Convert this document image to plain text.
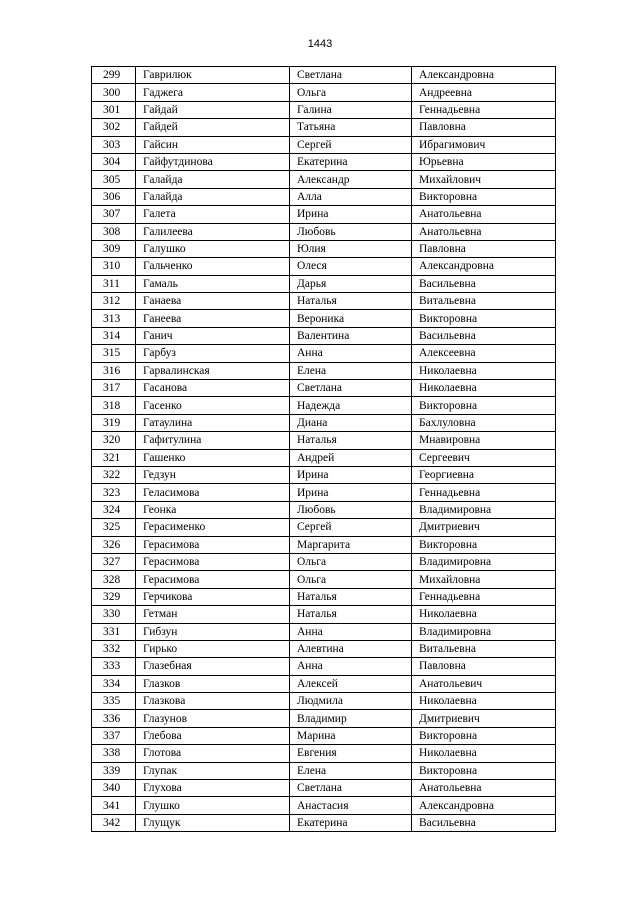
1443
299	Гаврилюк	Светлана	Александровна
300	Гаджега	Ольга	Андреевна
301	Гайдай	Галина	Геннадьевна
302	Гайдей	Татьяна	Павловна
303	Гайсин	Сергей	Ибрагимович
304	Гайфутдинова	Екатерина	Юрьевна
305	Галайда	Александр	Михайлович
306	Галайда	Алла	Викторовна
307	Галета	Ирина	Анатольевна
308	Галилеева	Любовь	Анатольевна
309	Галушко	Юлия	Павловна
310	Гальченко	Олеся	Александровна
311	Гамаль	Дарья	Васильевна
312	Ганаева	Наталья	Витальевна
313	Ганеева	Вероника	Викторовна
314	Ганич	Валентина	Васильевна
315	Гарбуз	Анна	Алексеевна
316	Гарвалинская	Елена	Николаевна
317	Гасанова	Светлана	Николаевна
318	Гасенко	Надежда	Викторовна
319	Гатаулина	Диана	Бахлуловна
320	Гафитулина	Наталья	Мнавировна
321	Гашенко	Андрей	Сергеевич
322	Гедзун	Ирина	Георгиевна
323	Геласимова	Ирина	Геннадьевна
324	Геонка	Любовь	Владимировна
325	Герасименко	Сергей	Дмитриевич
326	Герасимова	Маргарита	Викторовна
327	Герасимова	Ольга	Владимировна
328	Герасимова	Ольга	Михайловна
329	Герчикова	Наталья	Геннадьевна
330	Гетман	Наталья	Николаевна
331	Гибзун	Анна	Владимировна
332	Гирько	Алевтина	Витальевна
333	Глазебная	Анна	Павловна
334	Глазков	Алексей	Анатольевич
335	Глазкова	Людмила	Николаевна
336	Глазунов	Владимир	Дмитриевич
337	Глебова	Марина	Викторовна
338	Глотова	Евгения	Николаевна
339	Глупак	Елена	Викторовна
340	Глухова	Светлана	Анатольевна
341	Глушко	Анастасия	Александровна
342	Глущук	Екатерина	Васильевна
